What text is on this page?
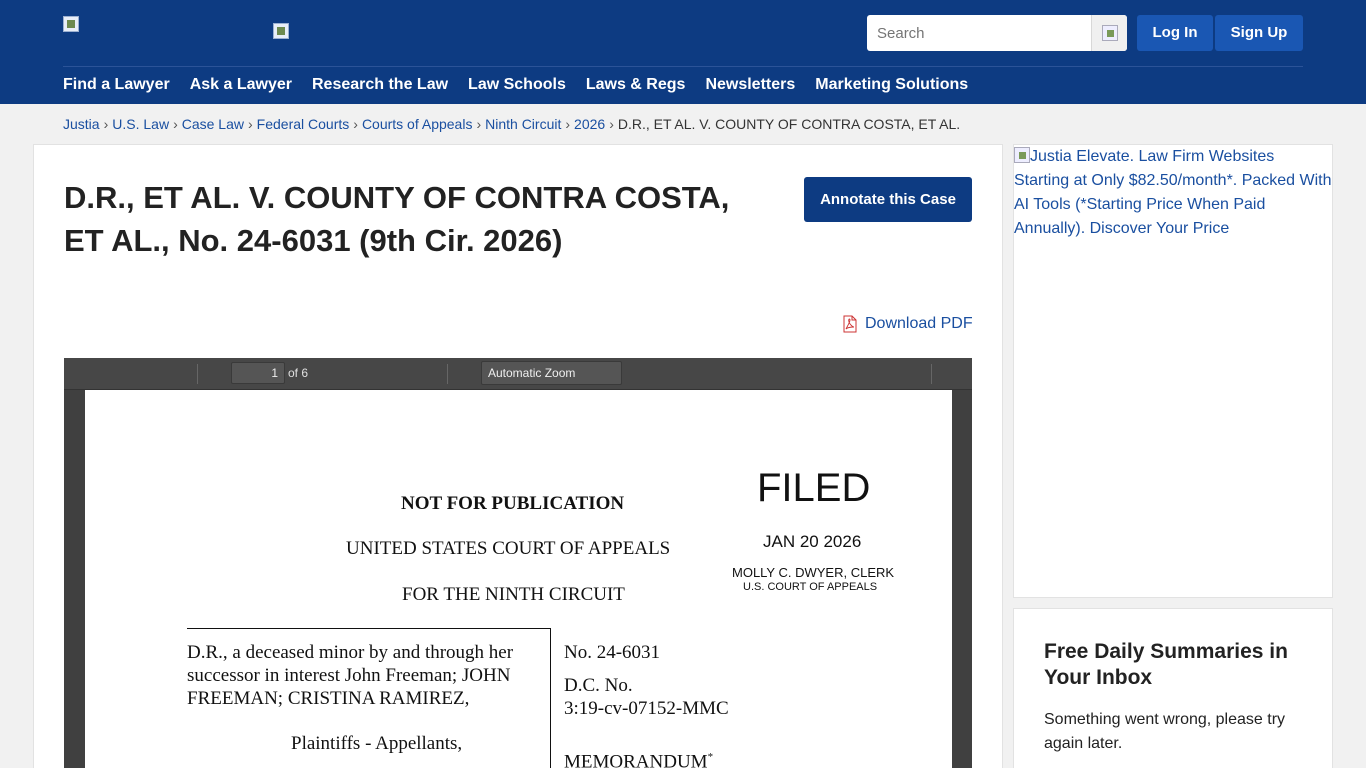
Search
Log In	Sign Up
Find a Lawyer Ask a Lawyer Research the Law Law Schools Laws & Regs Newsletters Marketing Solutions
Justia › U.S. Law › Case Law › Federal Courts › Courts of Appeals › Ninth Circuit › 2026 › D.R., ET AL. V. COUNTY OF CONTRA COSTA, ET AL.
D.R., ET AL. V. COUNTY OF CONTRA COSTA, ET AL., No. 24-6031 (9th Cir. 2026)
Annotate this Case
Download PDF
1 of 6	Automatic Zoom
NOT FOR PUBLICATION
UNITED STATES COURT OF APPEALS
FOR THE NINTH CIRCUIT
FILED
JAN 20 2026
MOLLY C. DWYER, CLERK
U.S. COURT OF APPEALS
D.R., a deceased minor by and through her
successor in interest John Freeman; JOHN
FREEMAN; CRISTINA RAMIREZ,
Plaintiffs - Appellants,
No. 24-6031
D.C. No.
3:19-cv-07152-MMC
MEMORANDUM*
Justia Elevate. Law Firm Websites Starting at Only $82.50/month*. Packed With AI Tools (*Starting Price When Paid Annually). Discover Your Price
Free Daily Summaries in Your Inbox
Something went wrong, please try again later.
